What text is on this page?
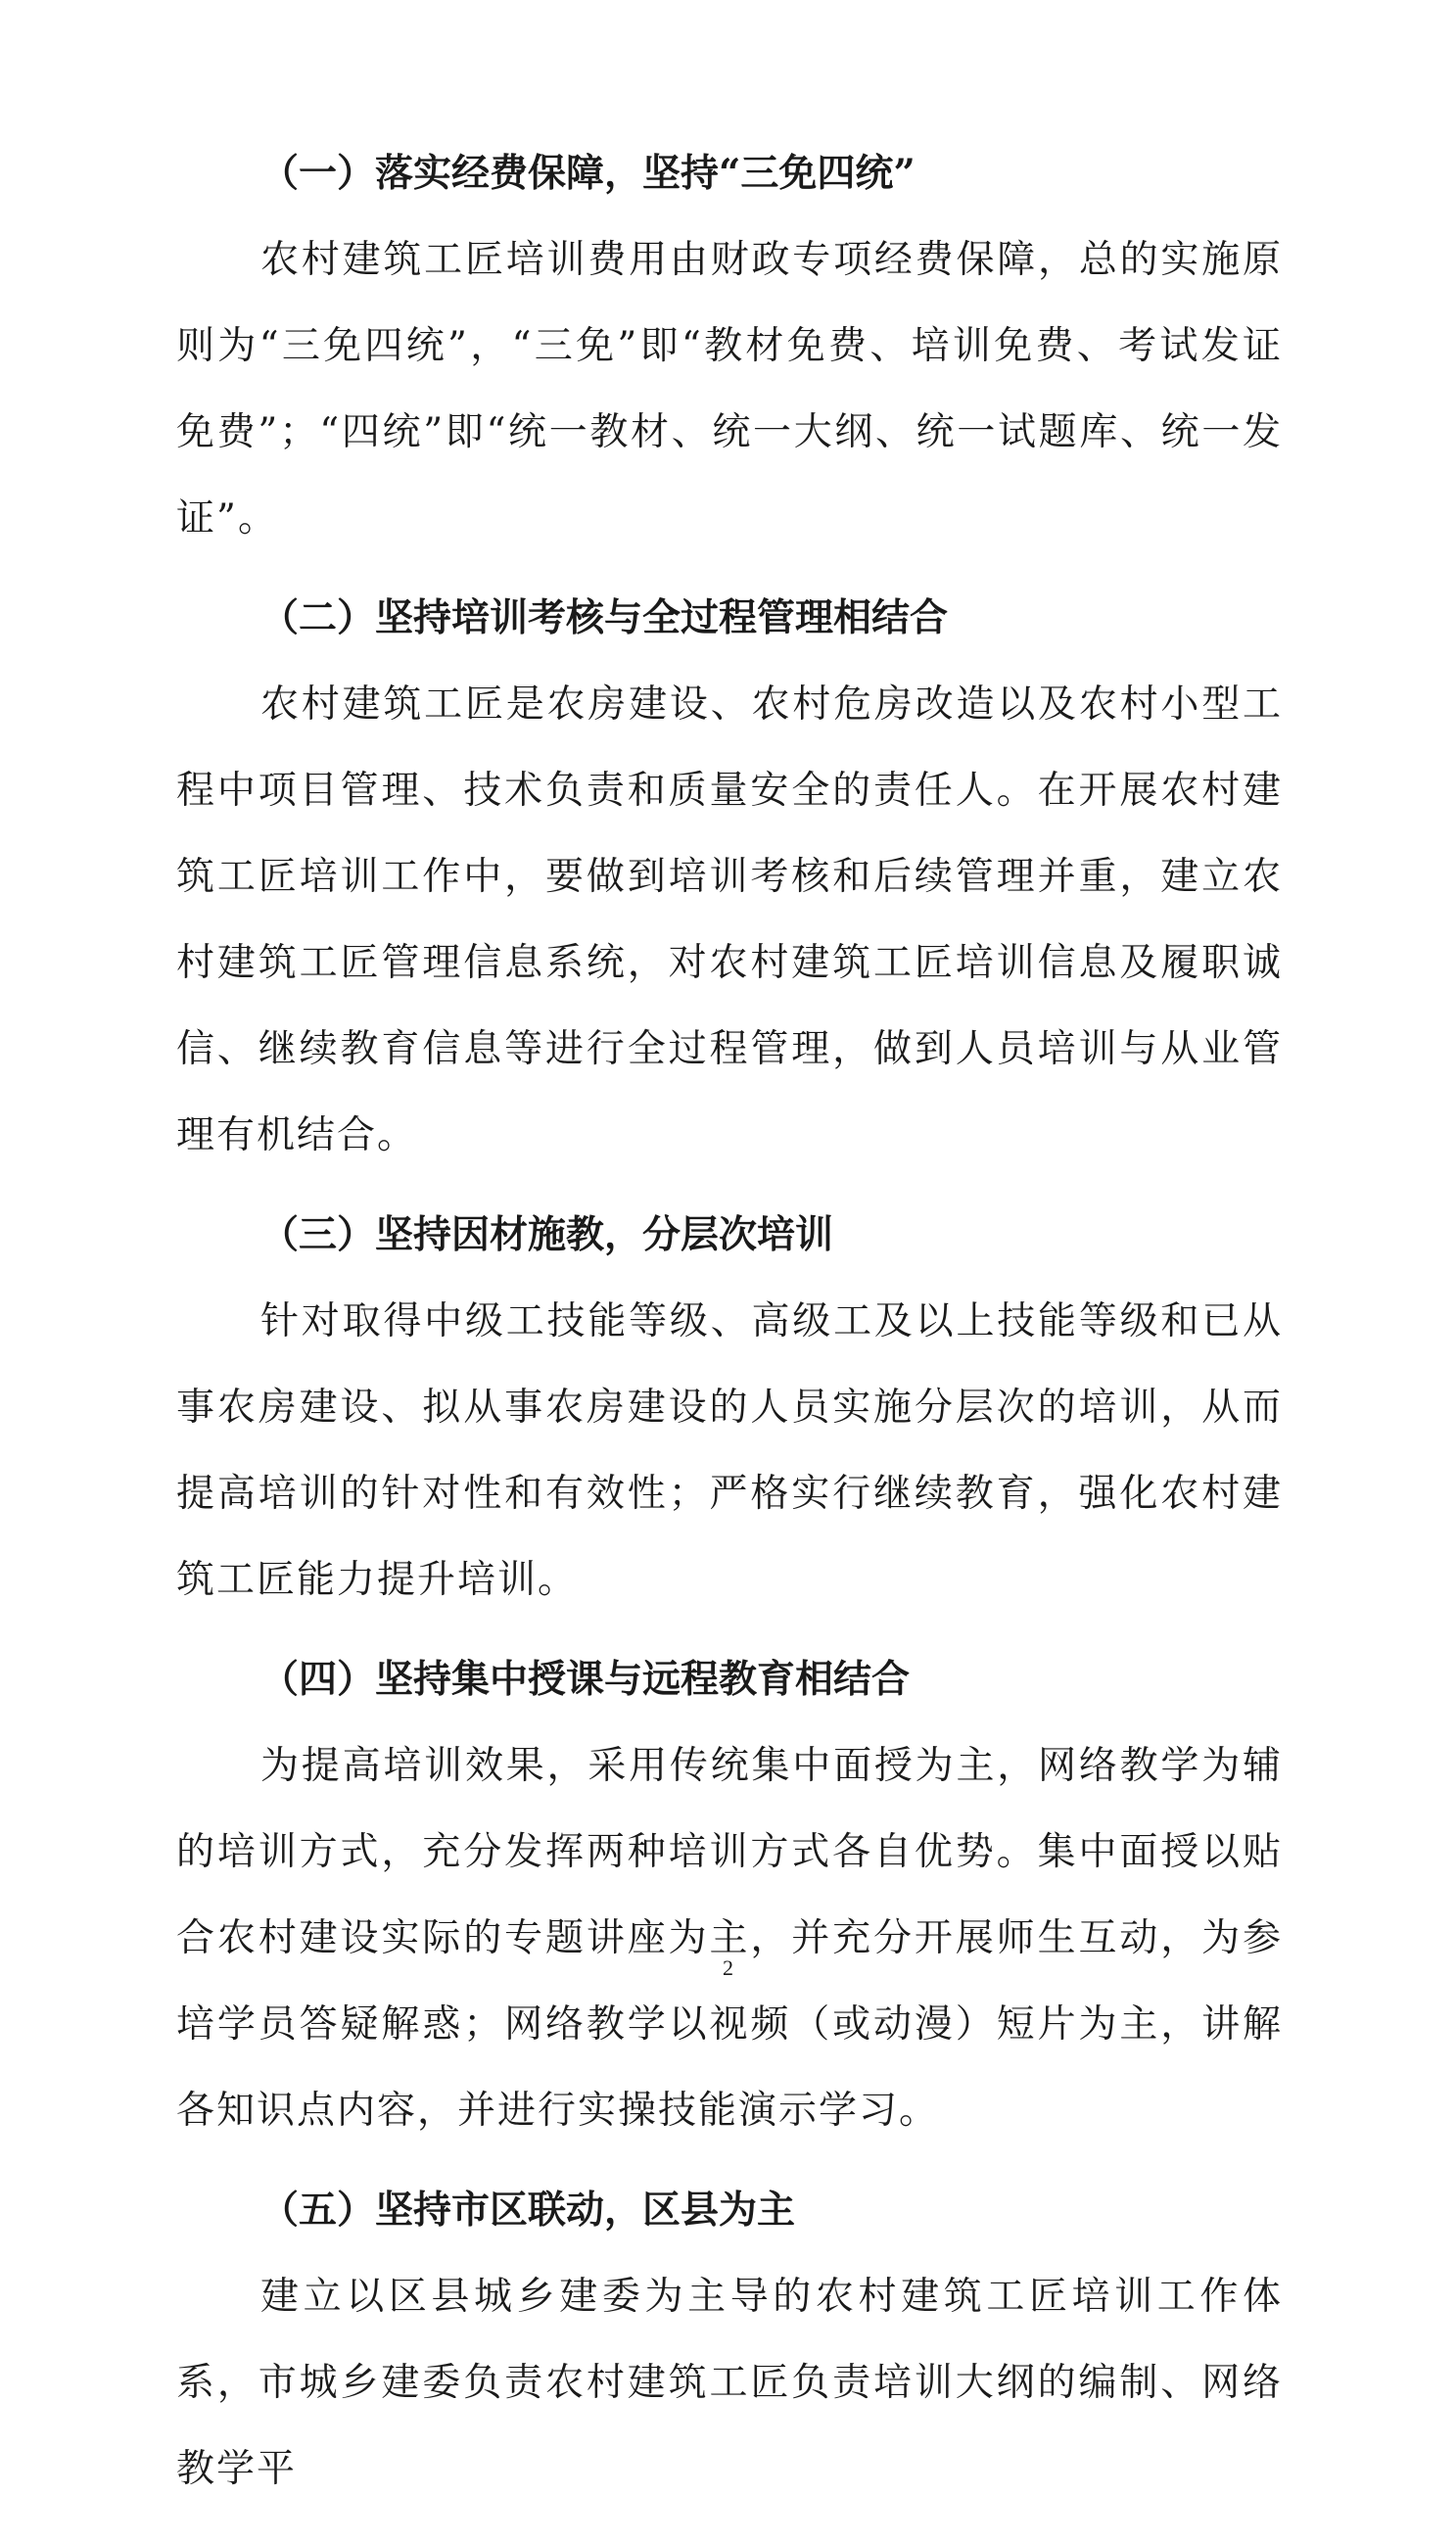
（一）落实经费保障，坚持“三免四统”
农村建筑工匠培训费用由财政专项经费保障，总的实施原则为“三免四统”，“三免”即“教材免费、培训免费、考试发证免费”；“四统”即“统一教材、统一大纲、统一试题库、统一发证”。
（二）坚持培训考核与全过程管理相结合
农村建筑工匠是农房建设、农村危房改造以及农村小型工程中项目管理、技术负责和质量安全的责任人。在开展农村建筑工匠培训工作中，要做到培训考核和后续管理并重，建立农村建筑工匠管理信息系统，对农村建筑工匠培训信息及履职诚信、继续教育信息等进行全过程管理，做到人员培训与从业管理有机结合。
（三）坚持因材施教，分层次培训
针对取得中级工技能等级、高级工及以上技能等级和已从事农房建设、拟从事农房建设的人员实施分层次的培训，从而提高培训的针对性和有效性；严格实行继续教育，强化农村建筑工匠能力提升培训。
（四）坚持集中授课与远程教育相结合
为提高培训效果，采用传统集中面授为主，网络教学为辅的培训方式，充分发挥两种培训方式各自优势。集中面授以贴合农村建设实际的专题讲座为主，并充分开展师生互动，为参培学员答疑解惑；网络教学以视频（或动漫）短片为主，讲解各知识点内容，并进行实操技能演示学习。
（五）坚持市区联动，区县为主
建立以区县城乡建委为主导的农村建筑工匠培训工作体系，市城乡建委负责农村建筑工匠负责培训大纲的编制、网络教学平
2
